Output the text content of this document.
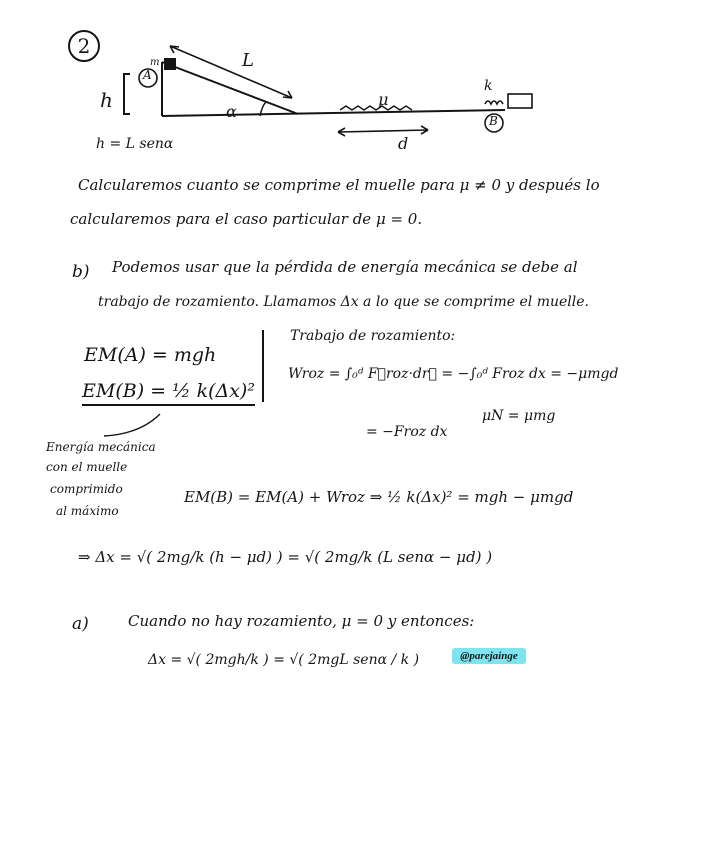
2
h
A
m	L
α
μ
d
k
B
h = L senα
Calcularemos cuanto se comprime el muelle para μ ≠ 0 y después lo
calcularemos para el caso particular de μ = 0.
b) Podemos usar que la pérdida de energía mecánica se debe al
trabajo de rozamiento. Llamamos Δx a lo que se comprime el muelle.
EM(A) = mgh
EM(B) = ½ k(Δx)²
Trabajo de rozamiento:
Wroz = ∫₀ᵈ F⃗roz·dr⃗ = −∫₀ᵈ Froz dx = −μmgd
= −Froz dx
μN = μmg
Energía mecánica
con el muelle
comprimido
al máximo
EM(B) = EM(A) + Wroz ⇒ ½ k(Δx)² = mgh − μmgd
⇒ Δx = √( 2mg/k (h − μd) ) = √( 2mg/k (L senα − μd) )
a)	Cuando no hay rozamiento, μ = 0 y entonces:
Δx = √( 2mgh/k ) = √( 2mgL senα / k )	@parejainge
